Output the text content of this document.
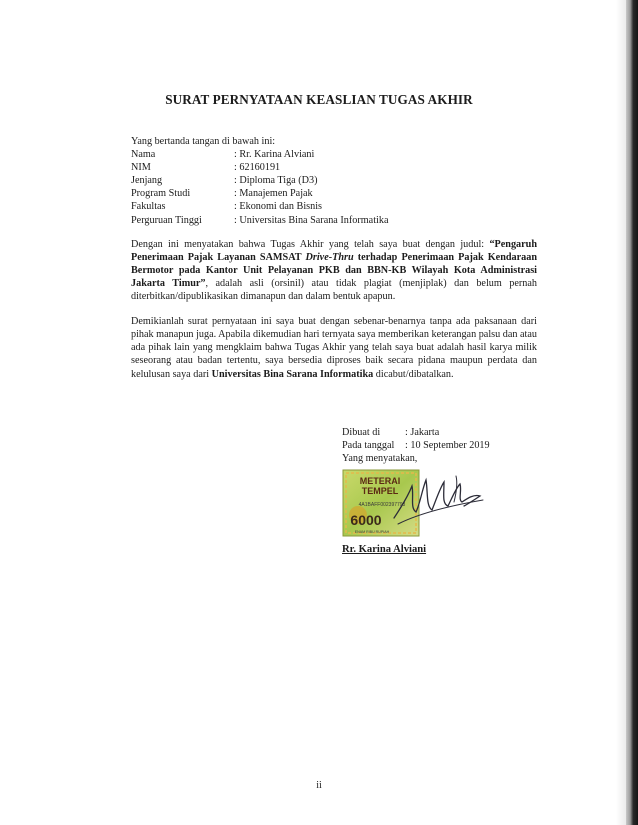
SURAT PERNYATAAN KEASLIAN TUGAS AKHIR
Yang bertanda tangan di bawah ini:
Nama	: Rr. Karina Alviani
NIM	: 62160191
Jenjang	: Diploma Tiga (D3)
Program Studi	: Manajemen Pajak
Fakultas	: Ekonomi dan Bisnis
Perguruan Tinggi	: Universitas Bina Sarana Informatika

Dengan ini menyatakan bahwa Tugas Akhir yang telah saya buat dengan judul: “Pengaruh Penerimaan Pajak Layanan SAMSAT Drive-Thru terhadap Penerimaan Pajak Kendaraan Bermotor pada Kantor Unit Pelayanan PKB dan BBN-KB Wilayah Kota Administrasi Jakarta Timur”, adalah asli (orsinil) atau tidak plagiat (menjiplak) dan belum pernah diterbitkan/dipublikasikan dimanapun dan dalam bentuk apapun.

Demikianlah surat pernyataan ini saya buat dengan sebenar-benarnya tanpa ada paksanaan dari pihak manapun juga. Apabila dikemudian hari ternyata saya memberikan keterangan palsu dan atau ada pihak lain yang mengklaim bahwa Tugas Akhir yang telah saya buat adalah hasil karya milik seseorang atau badan tertentu, saya bersedia diproses baik secara pidana maupun perdata dan kelulusan saya dari Universitas Bina Sarana Informatika dicabut/dibatalkan.

Dibuat di	: Jakarta
Pada tanggal	: 10 September 2019
Yang menyatakan,
METERAI
TEMPEL
4A1BAFF002397793
6000
ENAM RIBU RUPIAH
Rr. Karina Alviani
ii
